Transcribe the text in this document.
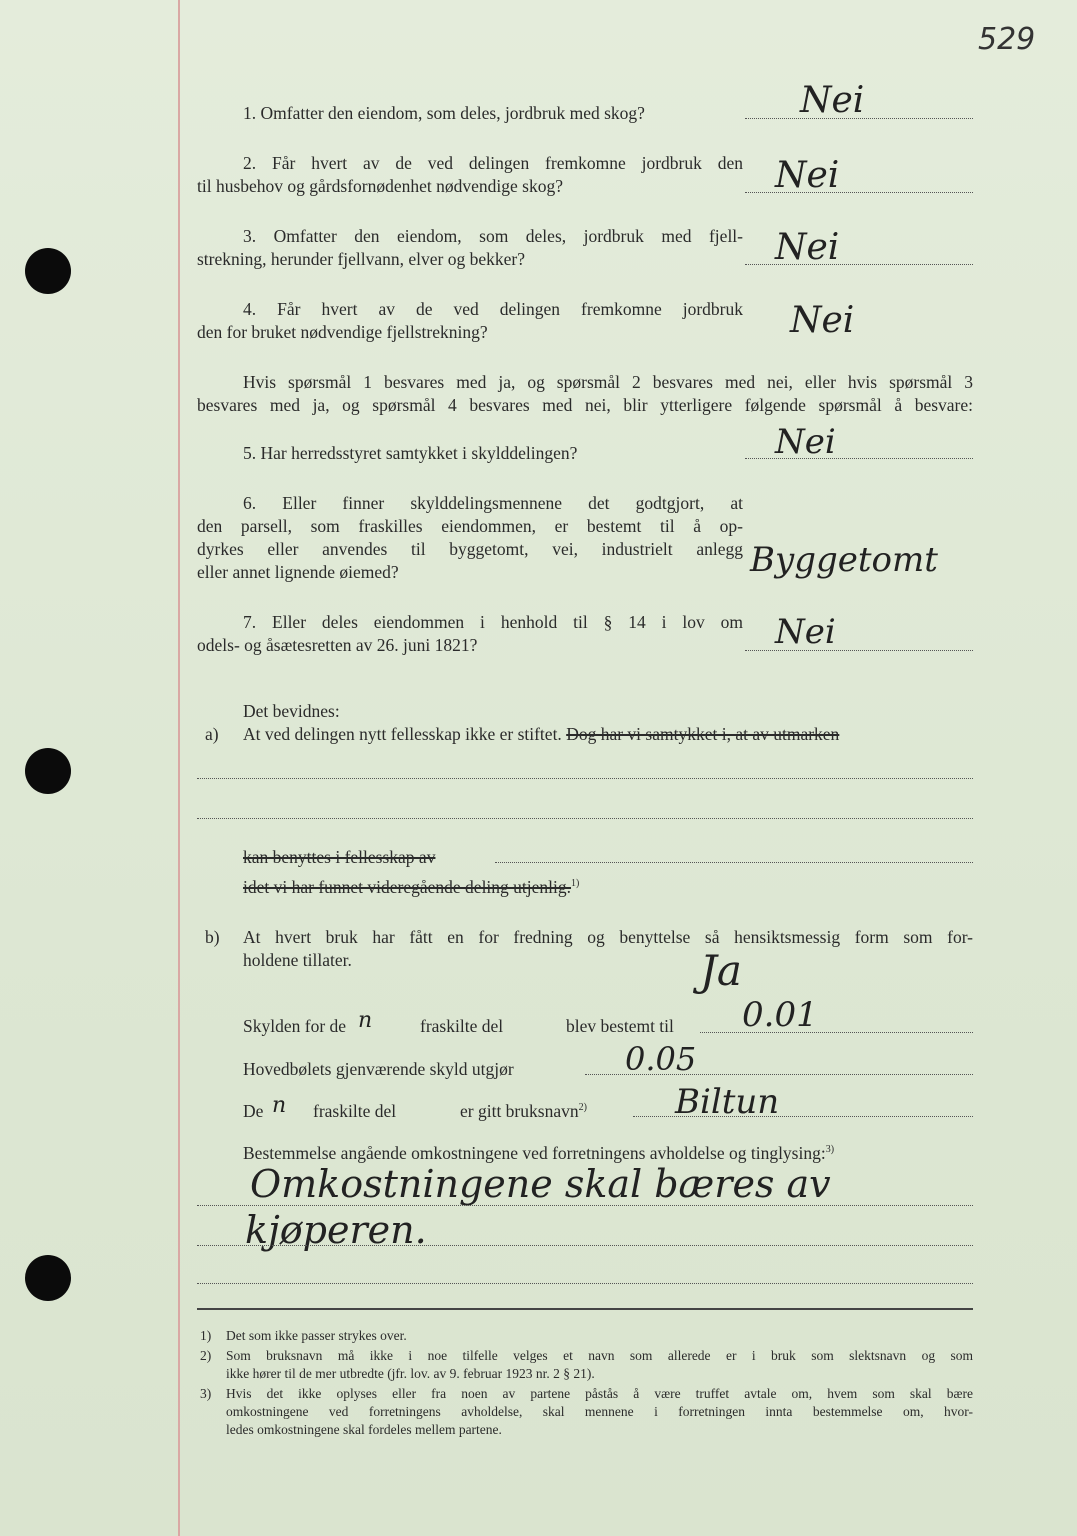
529
1. Omfatter den eiendom, som deles, jordbruk med skog?	Nei
2. Får hvert av de ved delingen fremkomne jordbruk den
til husbehov og gårdsfornødenhet nødvendige skog?	Nei
3. Omfatter den eiendom, som deles, jordbruk med fjell-
strekning, herunder fjellvann, elver og bekker?	Nei
4. Får hvert av de ved delingen fremkomne jordbruk
den for bruket nødvendige fjellstrekning?	Nei
Hvis spørsmål 1 besvares med ja, og spørsmål 2 besvares med nei, eller hvis spørsmål 3
besvares med ja, og spørsmål 4 besvares med nei, blir ytterligere følgende spørsmål å besvare:
5. Har herredsstyret samtykket i skylddelingen?	Nei
6. Eller finner skylddelingsmennene det godtgjort, at
den parsell, som fraskilles eiendommen, er bestemt til å op-
dyrkes eller anvendes til byggetomt, vei, industrielt anlegg
eller annet lignende øiemed?	Byggetomt
7. Eller deles eiendommen i henhold til § 14 i lov om
odels- og åsætesretten av 26. juni 1821?	Nei
Det bevidnes:
a) At ved delingen nytt fellesskap ikke er stiftet. Dog har vi samtykket i, at av utmarken
kan benyttes i fellesskap av
idet vi har funnet videregående deling utjenlig.$^{1)}$
b) At hvert bruk har fått en for fredning og benyttelse så hensiktsmessig form som for-
holdene tillater.	Ja
Skylden for de n	fraskilte del	blev bestemt til 0.01
Hovedbølets gjenværende skyld utgjør	0.05
De n fraskilte del	er gitt bruksnavn$^{2)}$	Biltun
Bestemmelse angående omkostningene ved forretningens avholdelse og tinglysing:$^{3)}$
Omkostningene skal bæres av
kjøperen.
1) Det som ikke passer strykes over.
2) Som bruksnavn må ikke i noe tilfelle velges et navn som allerede er i bruk som slektsnavn og som
ikke hører til de mer utbredte (jfr. lov. av 9. februar 1923 nr. 2 § 21).
3) Hvis det ikke oplyses eller fra noen av partene påstås å være truffet avtale om, hvem som skal bære
omkostningene ved forretningens avholdelse, skal mennene i forretningen innta bestemmelse om, hvor-
ledes omkostningene skal fordeles mellem partene.
